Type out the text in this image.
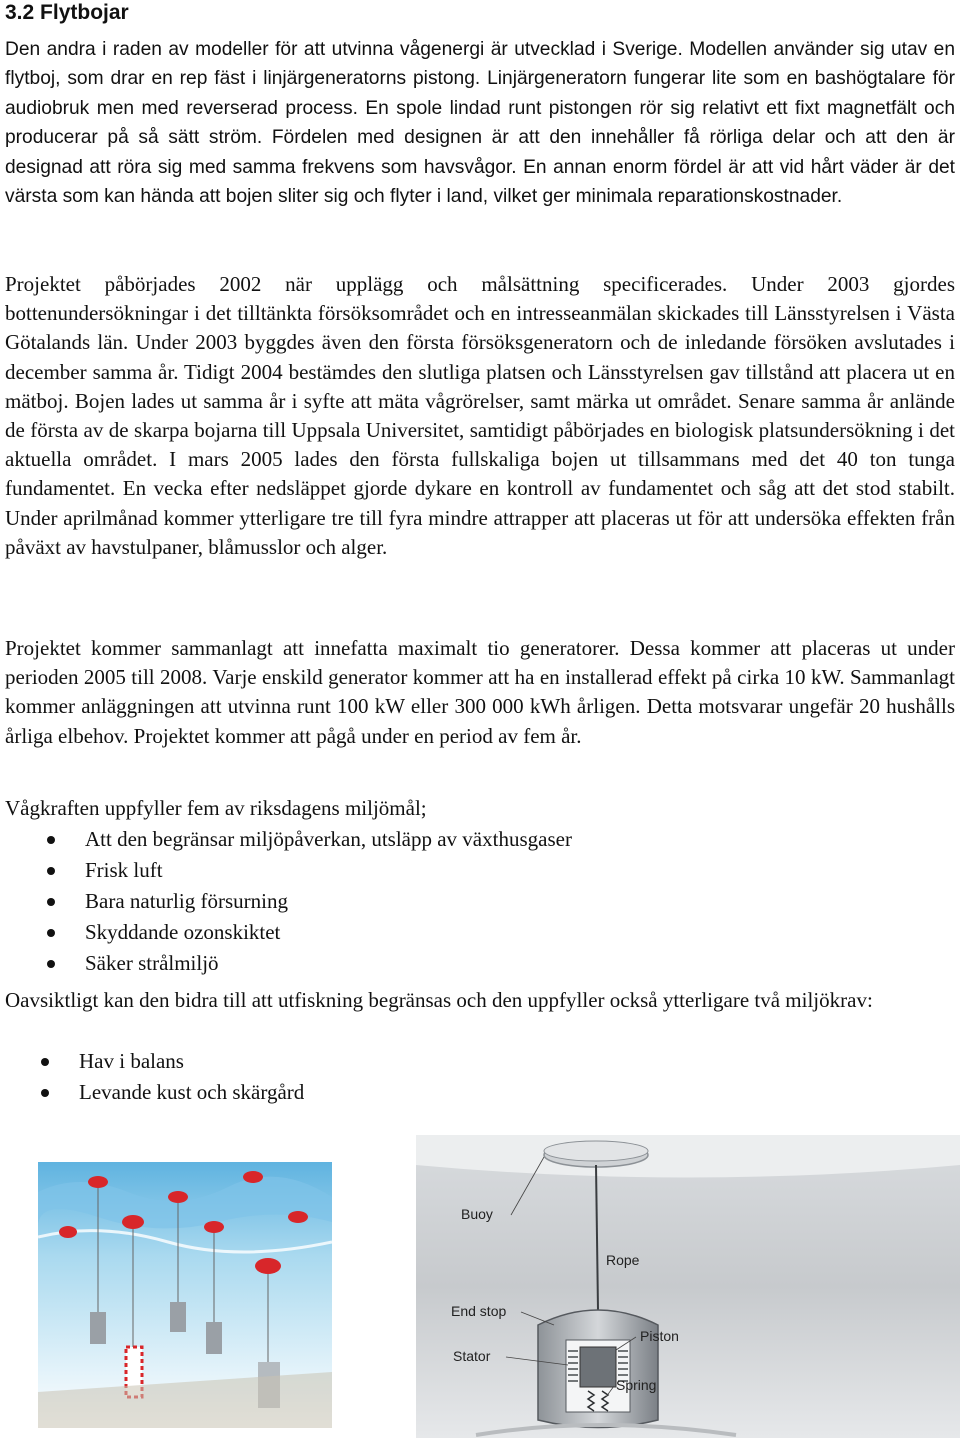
3.2 Flytbojar
Den andra i raden av modeller för att utvinna vågenergi är utvecklad i Sverige. Modellen använder sig utav en flytboj, som drar en rep fäst i linjärgeneratorns pistong. Linjärgeneratorn fungerar lite som en bashögtalare för audiobruk men med reverserad process. En spole lindad runt pistongen rör sig relativt ett fixt magnetfält och producerar på så sätt ström. Fördelen med designen är att den innehåller få rörliga delar och att den är designad att röra sig med samma frekvens som havsvågor. En annan enorm fördel är att vid hårt väder är det värsta som kan hända att bojen sliter sig och flyter i land, vilket ger minimala reparationskostnader.
Projektet påbörjades 2002 när upplägg och målsättning specificerades. Under 2003 gjordes bottenundersökningar i det tilltänkta försöksområdet och en intresseanmälan skickades till Länsstyrelsen i Västa Götalands län. Under 2003 byggdes även den första försöksgeneratorn och de inledande försöken avslutades i december samma år. Tidigt 2004 bestämdes den slutliga platsen och Länsstyrelsen gav tillstånd att placera ut en mätboj. Bojen lades ut samma år i syfte att mäta vågrörelser, samt märka ut området. Senare samma år anlände de första av de skarpa bojarna till Uppsala Universitet, samtidigt påbörjades en biologisk platsundersökning i det aktuella området. I mars 2005 lades den första fullskaliga bojen ut tillsammans med det 40 ton tunga fundamentet. En vecka efter nedsläppet gjorde dykare en kontroll av fundamentet och såg att det stod stabilt. Under aprilmånad kommer ytterligare tre till fyra mindre attrapper att placeras ut för att undersöka effekten från påväxt av havstulpaner, blåmusslor och alger.
Projektet kommer sammanlagt att innefatta maximalt tio generatorer. Dessa kommer att placeras ut under perioden 2005 till 2008. Varje enskild generator kommer att ha en installerad effekt på cirka 10 kW. Sammanlagt kommer anläggningen att utvinna runt 100 kW eller 300 000 kWh årligen. Detta motsvarar ungefär 20 hushålls årliga elbehov. Projektet kommer att pågå under en period av fem år.
Vågkraften uppfyller fem av riksdagens miljömål;
Att den begränsar miljöpåverkan, utsläpp av växthusgaser
Frisk luft
Bara naturlig försurning
Skyddande ozonskiktet
Säker strålmiljö
Oavsiktligt kan den bidra till att utfiskning begränsas och den uppfyller också ytterligare två miljökrav:
Hav i balans
Levande kust och skärgård
Buoy
Rope
End stop
Piston
Stator
Spring
